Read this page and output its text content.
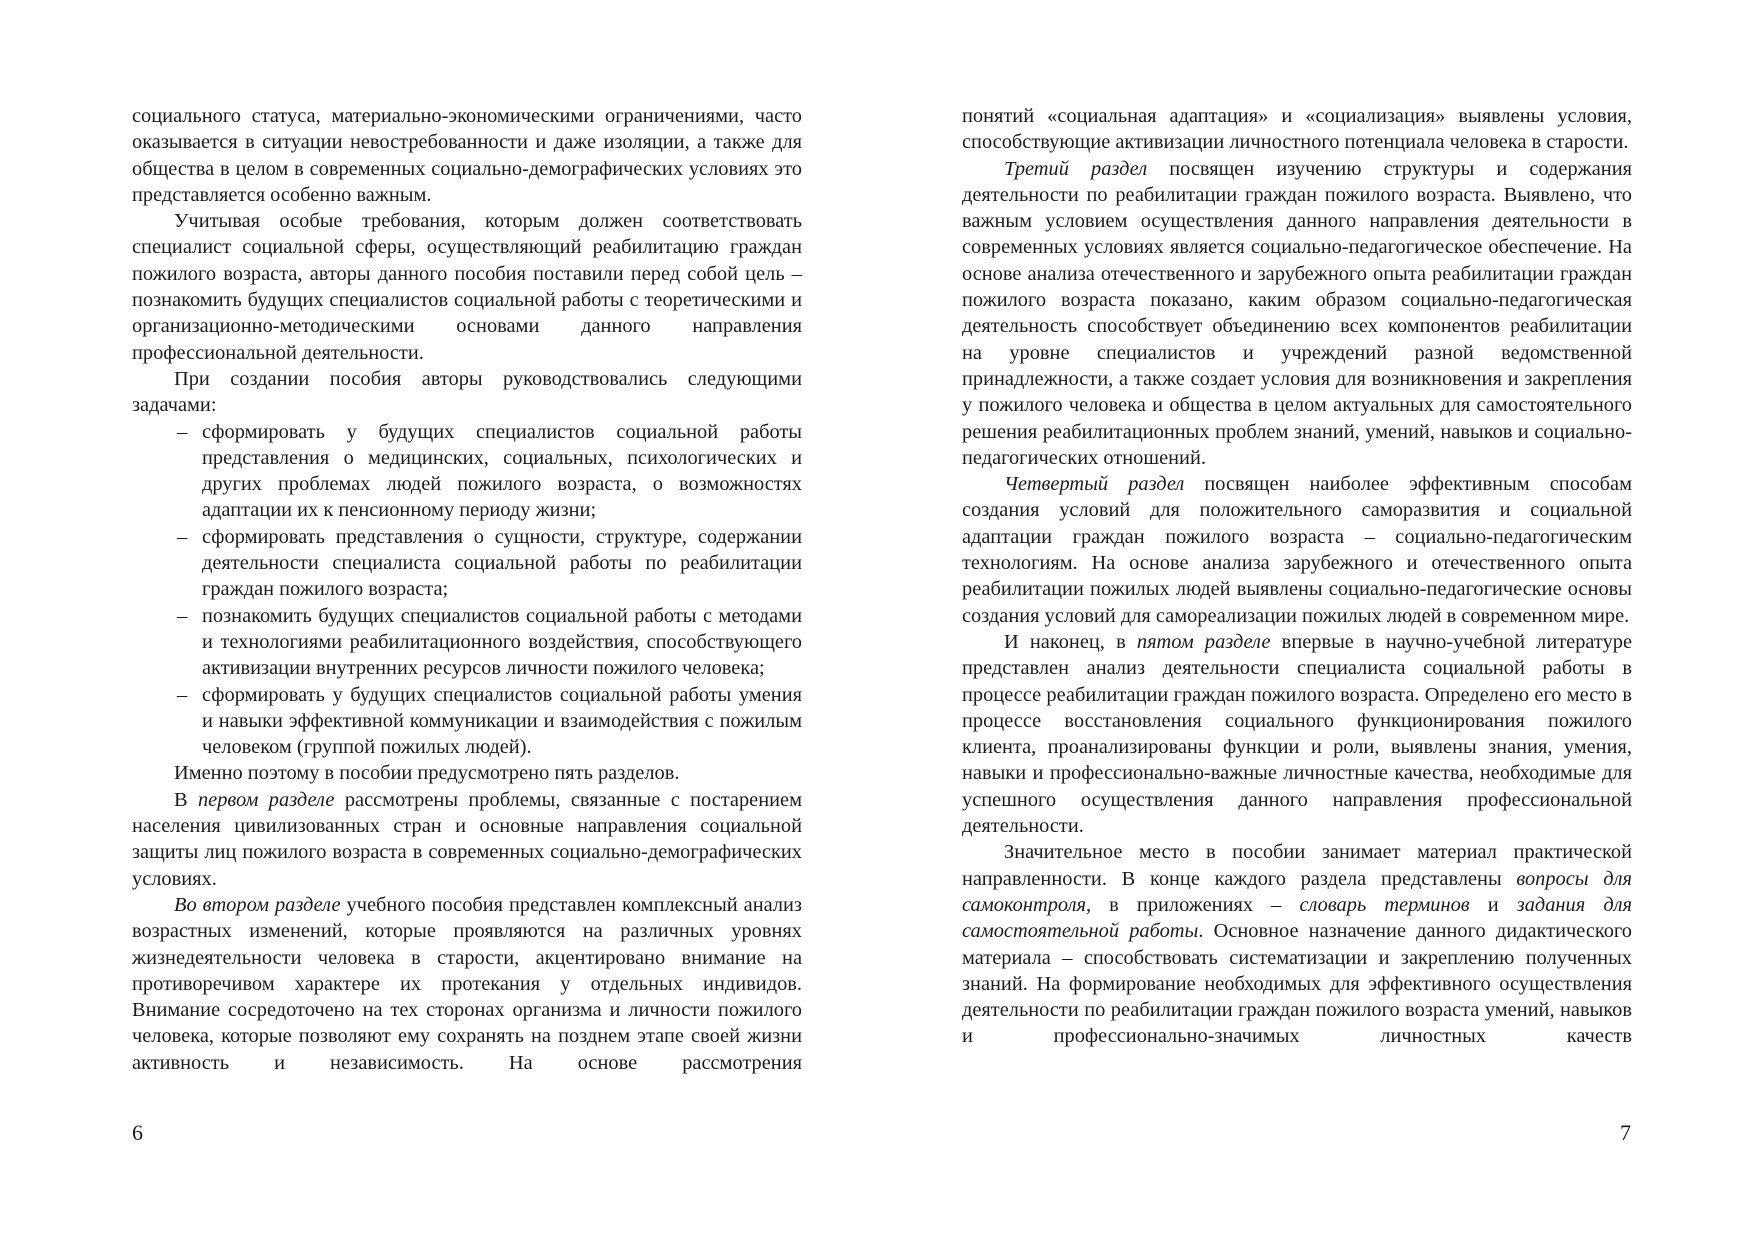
социального статуса, материально-экономическими ограничениями, часто оказывается в ситуации невостребованности и даже изоляции, а также для общества в целом в современных социально-демографических условиях это представляется особенно важным.

Учитывая особые требования, которым должен соответствовать специалист социальной сферы, осуществляющий реабилитацию граждан пожилого возраста, авторы данного пособия поставили перед собой цель – познакомить будущих специалистов социальной работы с теоретическими и организационно-методическими основами данного направления профессиональной деятельности.

При создании пособия авторы руководствовались следующими задачами:

– сформировать у будущих специалистов социальной работы представления о медицинских, социальных, психологических и других проблемах людей пожилого возраста, о возможностях адаптации их к пенсионному периоду жизни;
– сформировать представления о сущности, структуре, содержании деятельности специалиста социальной работы по реабилитации граждан пожилого возраста;
– познакомить будущих специалистов социальной работы с методами и технологиями реабилитационного воздействия, способствующего активизации внутренних ресурсов личности пожилого человека;
– сформировать у будущих специалистов социальной работы умения и навыки эффективной коммуникации и взаимодействия с пожилым человеком (группой пожилых людей).

Именно поэтому в пособии предусмотрено пять разделов.

В первом разделе рассмотрены проблемы, связанные с постарением населения цивилизованных стран и основные направления социальной защиты лиц пожилого возраста в современных социально-демографических условиях.

Во втором разделе учебного пособия представлен комплексный анализ возрастных изменений, которые проявляются на различных уровнях жизнедеятельности человека в старости, акцентировано внимание на противоречивом характере их протекания у отдельных индивидов. Внимание сосредоточено на тех сторонах организма и личности пожилого человека, которые позволяют ему сохранять на позднем этапе своей жизни активность и независимость. На основе рассмотрения

6

понятий «социальная адаптация» и «социализация» выявлены условия, способствующие активизации личностного потенциала человека в старости.

Третий раздел посвящен изучению структуры и содержания деятельности по реабилитации граждан пожилого возраста. Выявлено, что важным условием осуществления данного направления деятельности в современных условиях является социально-педагогическое обеспечение. На основе анализа отечественного и зарубежного опыта реабилитации граждан пожилого возраста показано, каким образом социально-педагогическая деятельность способствует объединению всех компонентов реабилитации на уровне специалистов и учреждений разной ведомственной принадлежности, а также создает условия для возникновения и закрепления у пожилого человека и общества в целом актуальных для самостоятельного решения реабилитационных проблем знаний, умений, навыков и социально-педагогических отношений.

Четвертый раздел посвящен наиболее эффективным способам создания условий для положительного саморазвития и социальной адаптации граждан пожилого возраста – социально-педагогическим технологиям. На основе анализа зарубежного и отечественного опыта реабилитации пожилых людей выявлены социально-педагогические основы создания условий для самореализации пожилых людей в современном мире.

И наконец, в пятом разделе впервые в научно-учебной литературе представлен анализ деятельности специалиста социальной работы в процессе реабилитации граждан пожилого возраста. Определено его место в процессе восстановления социального функционирования пожилого клиента, проанализированы функции и роли, выявлены знания, умения, навыки и профессионально-важные личностные качества, необходимые для успешного осуществления данного направления профессиональной деятельности.

Значительное место в пособии занимает материал практической направленности. В конце каждого раздела представлены вопросы для самоконтроля, в приложениях – словарь терминов и задания для самостоятельной работы. Основное назначение данного дидактического материала – способствовать систематизации и закреплению полученных знаний. На формирование необходимых для эффективного осуществления деятельности по реабилитации граждан пожилого возраста умений, навыков и профессионально-значимых личностных качеств

7
